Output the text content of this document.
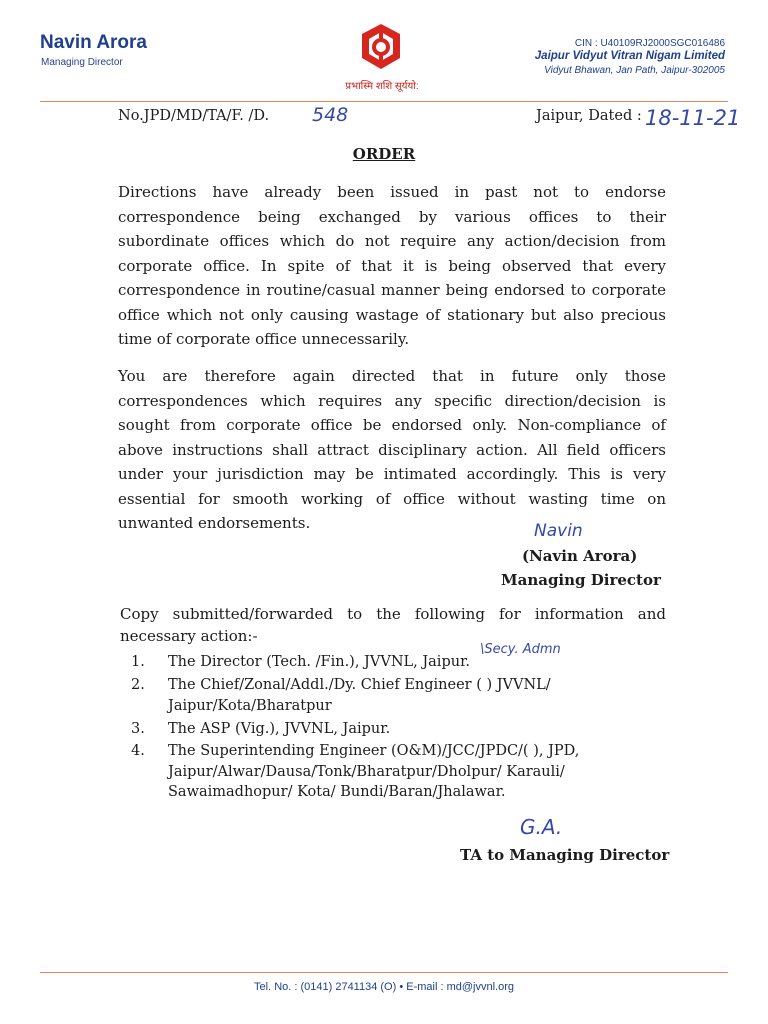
Navin Arora
Managing Director
प्रभास्मि शशि सूर्ययो:
CIN : U40109RJ2000SGC016486
Jaipur Vidyut Vitran Nigam Limited
Vidyut Bhawan, Jan Path, Jaipur-302005
No.JPD/MD/TA/F. /D. 548	Jaipur, Dated : 18-11-21
ORDER
Directions have already been issued in past not to endorse correspondence being exchanged by various offices to their subordinate offices which do not require any action/decision from corporate office. In spite of that it is being observed that every correspondence in routine/casual manner being endorsed to corporate office which not only causing wastage of stationary but also precious time of corporate office unnecessarily.
You are therefore again directed that in future only those correspondences which requires any specific direction/decision is sought from corporate office be endorsed only. Non-compliance of above instructions shall attract disciplinary action. All field officers under your jurisdiction may be intimated accordingly. This is very essential for smooth working of office without wasting time on unwanted endorsements.	Navin
(Navin Arora)
Managing Director
Copy submitted/forwarded to the following for information and necessary action:-
1.	The Director (Tech. /Fin.), JVVNL, Jaipur.
\Secy. Admn
2.	The Chief/Zonal/Addl./Dy. Chief Engineer ( ) JVVNL/ Jaipur/Kota/Bharatpur
3.	The ASP (Vig.), JVVNL, Jaipur.
4.	The Superintending Engineer (O&M)/JCC/JPDC/( ), JPD, Jaipur/Alwar/Dausa/Tonk/Bharatpur/Dholpur/ Karauli/ Sawaimadhopur/ Kota/ Bundi/Baran/Jhalawar.
G.A.
TA to Managing Director
Tel. No. : (0141) 2741134 (O) • E-mail : md@jvvnl.org
